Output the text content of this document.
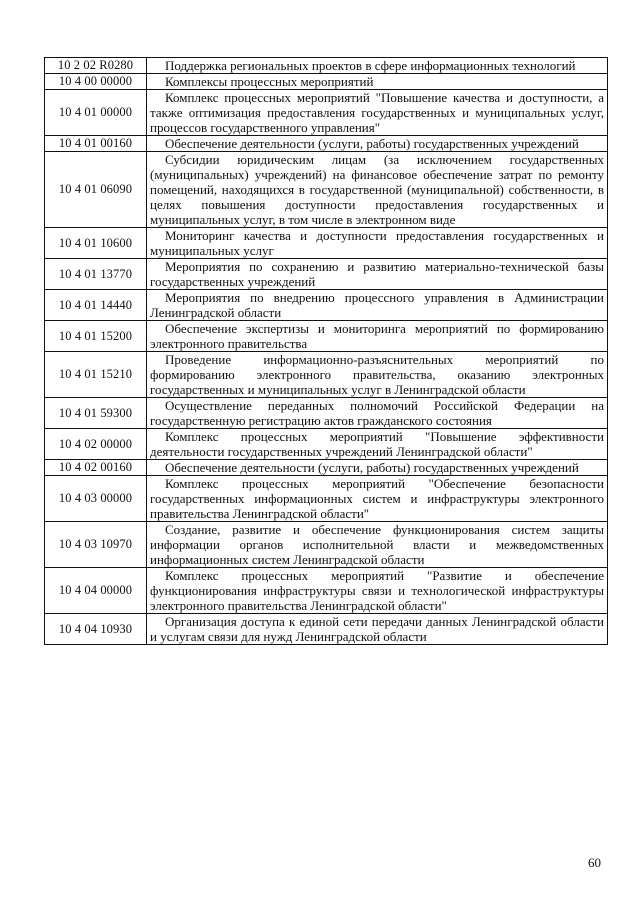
10 2 02 R0280	Поддержка региональных проектов в сфере информационных технологий
10 4 00 00000	Комплексы процессных мероприятий
10 4 01 00000	Комплекс процессных мероприятий "Повышение качества и доступности, а также оптимизация предоставления государственных и муниципальных услуг, процессов государственного управления"
10 4 01 00160	Обеспечение деятельности (услуги, работы) государственных учреждений
10 4 01 06090	Субсидии юридическим лицам (за исключением государственных (муниципальных) учреждений) на финансовое обеспечение затрат по ремонту помещений, находящихся в государственной (муниципальной) собственности, в целях повышения доступности предоставления государственных и муниципальных услуг, в том числе в электронном виде
10 4 01 10600	Мониторинг качества и доступности предоставления государственных и муниципальных услуг
10 4 01 13770	Мероприятия по сохранению и развитию материально-технической базы государственных учреждений
10 4 01 14440	Мероприятия по внедрению процессного управления в Администрации Ленинградской области
10 4 01 15200	Обеспечение экспертизы и мониторинга мероприятий по формированию электронного правительства
10 4 01 15210	Проведение информационно-разъяснительных мероприятий по формированию электронного правительства, оказанию электронных государственных и муниципальных услуг в Ленинградской области
10 4 01 59300	Осуществление переданных полномочий Российской Федерации на государственную регистрацию актов гражданского состояния
10 4 02 00000	Комплекс процессных мероприятий "Повышение эффективности деятельности государственных учреждений Ленинградской области"
10 4 02 00160	Обеспечение деятельности (услуги, работы) государственных учреждений
10 4 03 00000	Комплекс процессных мероприятий "Обеспечение безопасности государственных информационных систем и инфраструктуры электронного правительства Ленинградской области"
10 4 03 10970	Создание, развитие и обеспечение функционирования систем защиты информации органов исполнительной власти и межведомственных информационных систем Ленинградской области
10 4 04 00000	Комплекс процессных мероприятий "Развитие и обеспечение функционирования инфраструктуры связи и технологической инфраструктуры электронного правительства Ленинградской области"
10 4 04 10930	Организация доступа к единой сети передачи данных Ленинградской области и услугам связи для нужд Ленинградской области
60
